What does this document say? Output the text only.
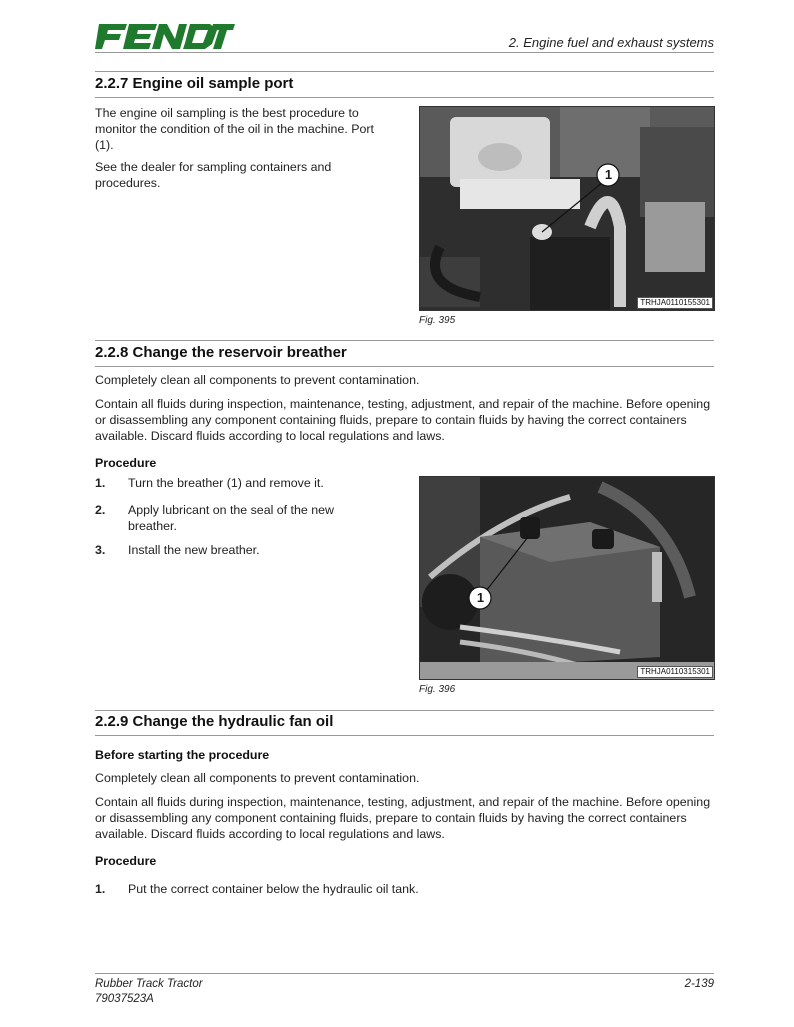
2. Engine fuel and exhaust systems
2.2.7 Engine oil sample port
The engine oil sampling is the best procedure to monitor the condition of the oil in the machine. Port (1).
See the dealer for sampling containers and procedures.
1
TRHJA0110155301
Fig. 395
2.2.8 Change the reservoir breather
Completely clean all components to prevent contamination.
Contain all fluids during inspection, maintenance, testing, adjustment, and repair of the machine. Before opening or disassembling any component containing fluids, prepare to contain fluids by having the correct containers available. Discard fluids according to local regulations and laws.
Procedure
1. Turn the breather (1) and remove it.
2. Apply lubricant on the seal of the new breather.
3. Install the new breather.
1
TRHJA0110315301
Fig. 396
2.2.9 Change the hydraulic fan oil
Before starting the procedure
Completely clean all components to prevent contamination.
Contain all fluids during inspection, maintenance, testing, adjustment, and repair of the machine. Before opening or disassembling any component containing fluids, prepare to contain fluids by having the correct containers available. Discard fluids according to local regulations and laws.
Procedure
1. Put the correct container below the hydraulic oil tank.
Rubber Track Tractor
79037523A
2-139
